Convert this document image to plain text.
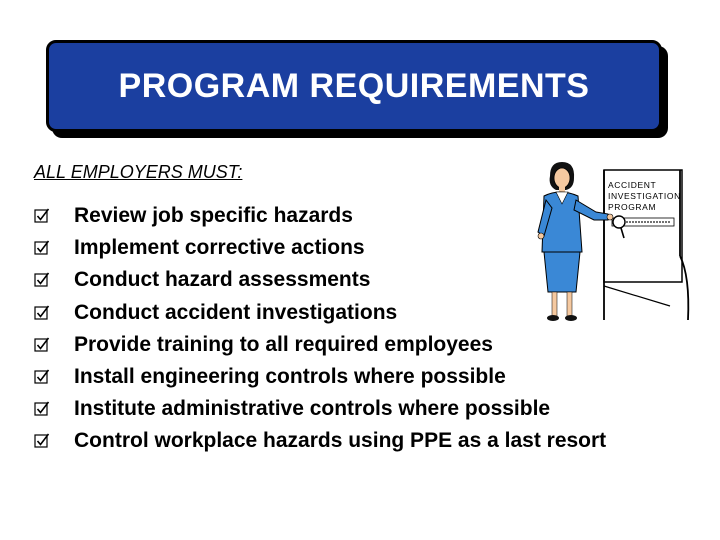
PROGRAM REQUIREMENTS
ALL EMPLOYERS MUST:
Review job specific hazards
Implement corrective actions
Conduct hazard assessments
Conduct accident investigations
Provide training to all required employees
Install engineering controls where possible
Institute administrative controls where possible
Control workplace hazards using PPE as a last resort
ACCIDENT
INVESTIGATION
PROGRAM
